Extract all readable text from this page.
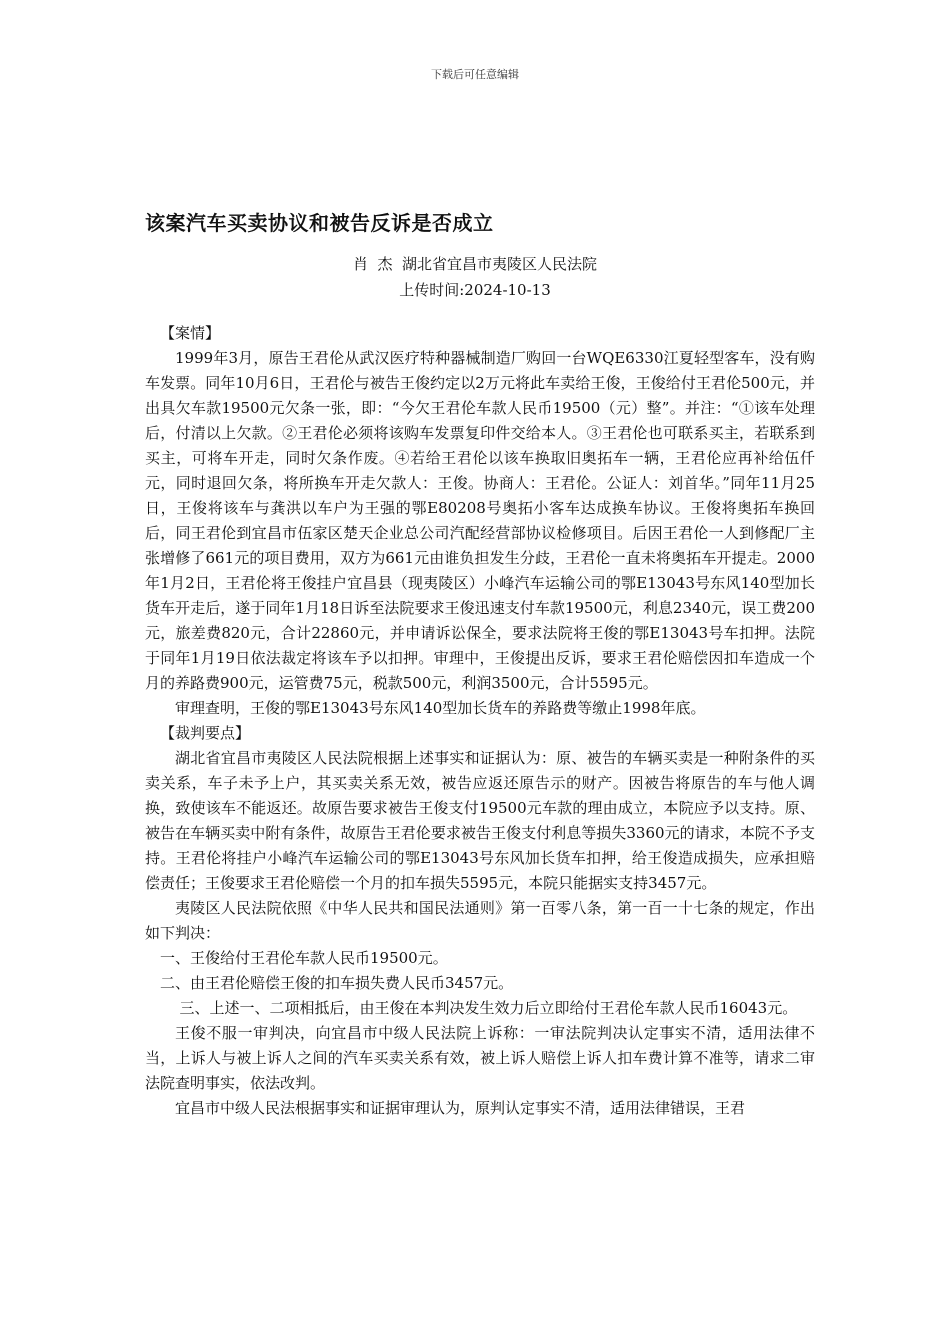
下载后可任意编辑
该案汽车买卖协议和被告反诉是否成立
肖  杰  湖北省宜昌市夷陵区人民法院
上传时间:2024-10-13

【案情】

1999年3月，原告王君伦从武汉医疗特种器械制造厂购回一台WQE6330江夏轻型客车，没有购车发票。同年10月6日，王君伦与被告王俊约定以2万元将此车卖给王俊，王俊给付王君伦500元，并出具欠车款19500元欠条一张，即：“今欠王君伦车款人民币19500（元）整”。并注：“①该车处理后，付清以上欠款。②王君伦必须将该购车发票复印件交给本人。③王君伦也可联系买主，若联系到买主，可将车开走，同时欠条作废。④若给王君伦以该车换取旧奥拓车一辆，王君伦应再补给伍仟元，同时退回欠条，将所换车开走欠款人：王俊。协商人：王君伦。公证人：刘首华。”同年11月25日，王俊将该车与龚洪以车户为王强的鄂E80208号奥拓小客车达成换车协议。王俊将奥拓车换回后，同王君伦到宜昌市伍家区楚天企业总公司汽配经营部协议检修项目。后因王君伦一人到修配厂主张增修了661元的项目费用，双方为661元由谁负担发生分歧，王君伦一直未将奥拓车开提走。2000年1月2日，王君伦将王俊挂户宜昌县（现夷陵区）小峰汽车运输公司的鄂E13043号东风140型加长货车开走后，遂于同年1月18日诉至法院要求王俊迅速支付车款19500元，利息2340元，误工费200元，旅差费820元，合计22860元，并申请诉讼保全，要求法院将王俊的鄂E13043号车扣押。法院于同年1月19日依法裁定将该车予以扣押。审理中，王俊提出反诉，要求王君伦赔偿因扣车造成一个月的养路费900元，运管费75元，税款500元，利润3500元，合计5595元。

审理查明，王俊的鄂E13043号东风140型加长货车的养路费等缴止1998年底。

【裁判要点】

湖北省宜昌市夷陵区人民法院根据上述事实和证据认为：原、被告的车辆买卖是一种附条件的买卖关系，车子未予上户，其买卖关系无效，被告应返还原告示的财产。因被告将原告的车与他人调换，致使该车不能返还。故原告要求被告王俊支付19500元车款的理由成立，本院应予以支持。原、被告在车辆买卖中附有条件，故原告王君伦要求被告王俊支付利息等损失3360元的请求，本院不予支持。王君伦将挂户小峰汽车运输公司的鄂E13043号东风加长货车扣押，给王俊造成损失，应承担赔偿责任；王俊要求王君伦赔偿一个月的扣车损失5595元，本院只能据实支持3457元。

夷陵区人民法院依照《中华人民共和国民法通则》第一百零八条，第一百一十七条的规定，作出如下判决：

一、王俊给付王君伦车款人民币19500元。

二、由王君伦赔偿王俊的扣车损失费人民币3457元。

三、上述一、二项相抵后，由王俊在本判决发生效力后立即给付王君伦车款人民币16043元。

王俊不服一审判决，向宜昌市中级人民法院上诉称：一审法院判决认定事实不清，适用法律不当，上诉人与被上诉人之间的汽车买卖关系有效，被上诉人赔偿上诉人扣车费计算不准等，请求二审法院查明事实，依法改判。

宜昌市中级人民法根据事实和证据审理认为，原判认定事实不清，适用法律错误，王君
